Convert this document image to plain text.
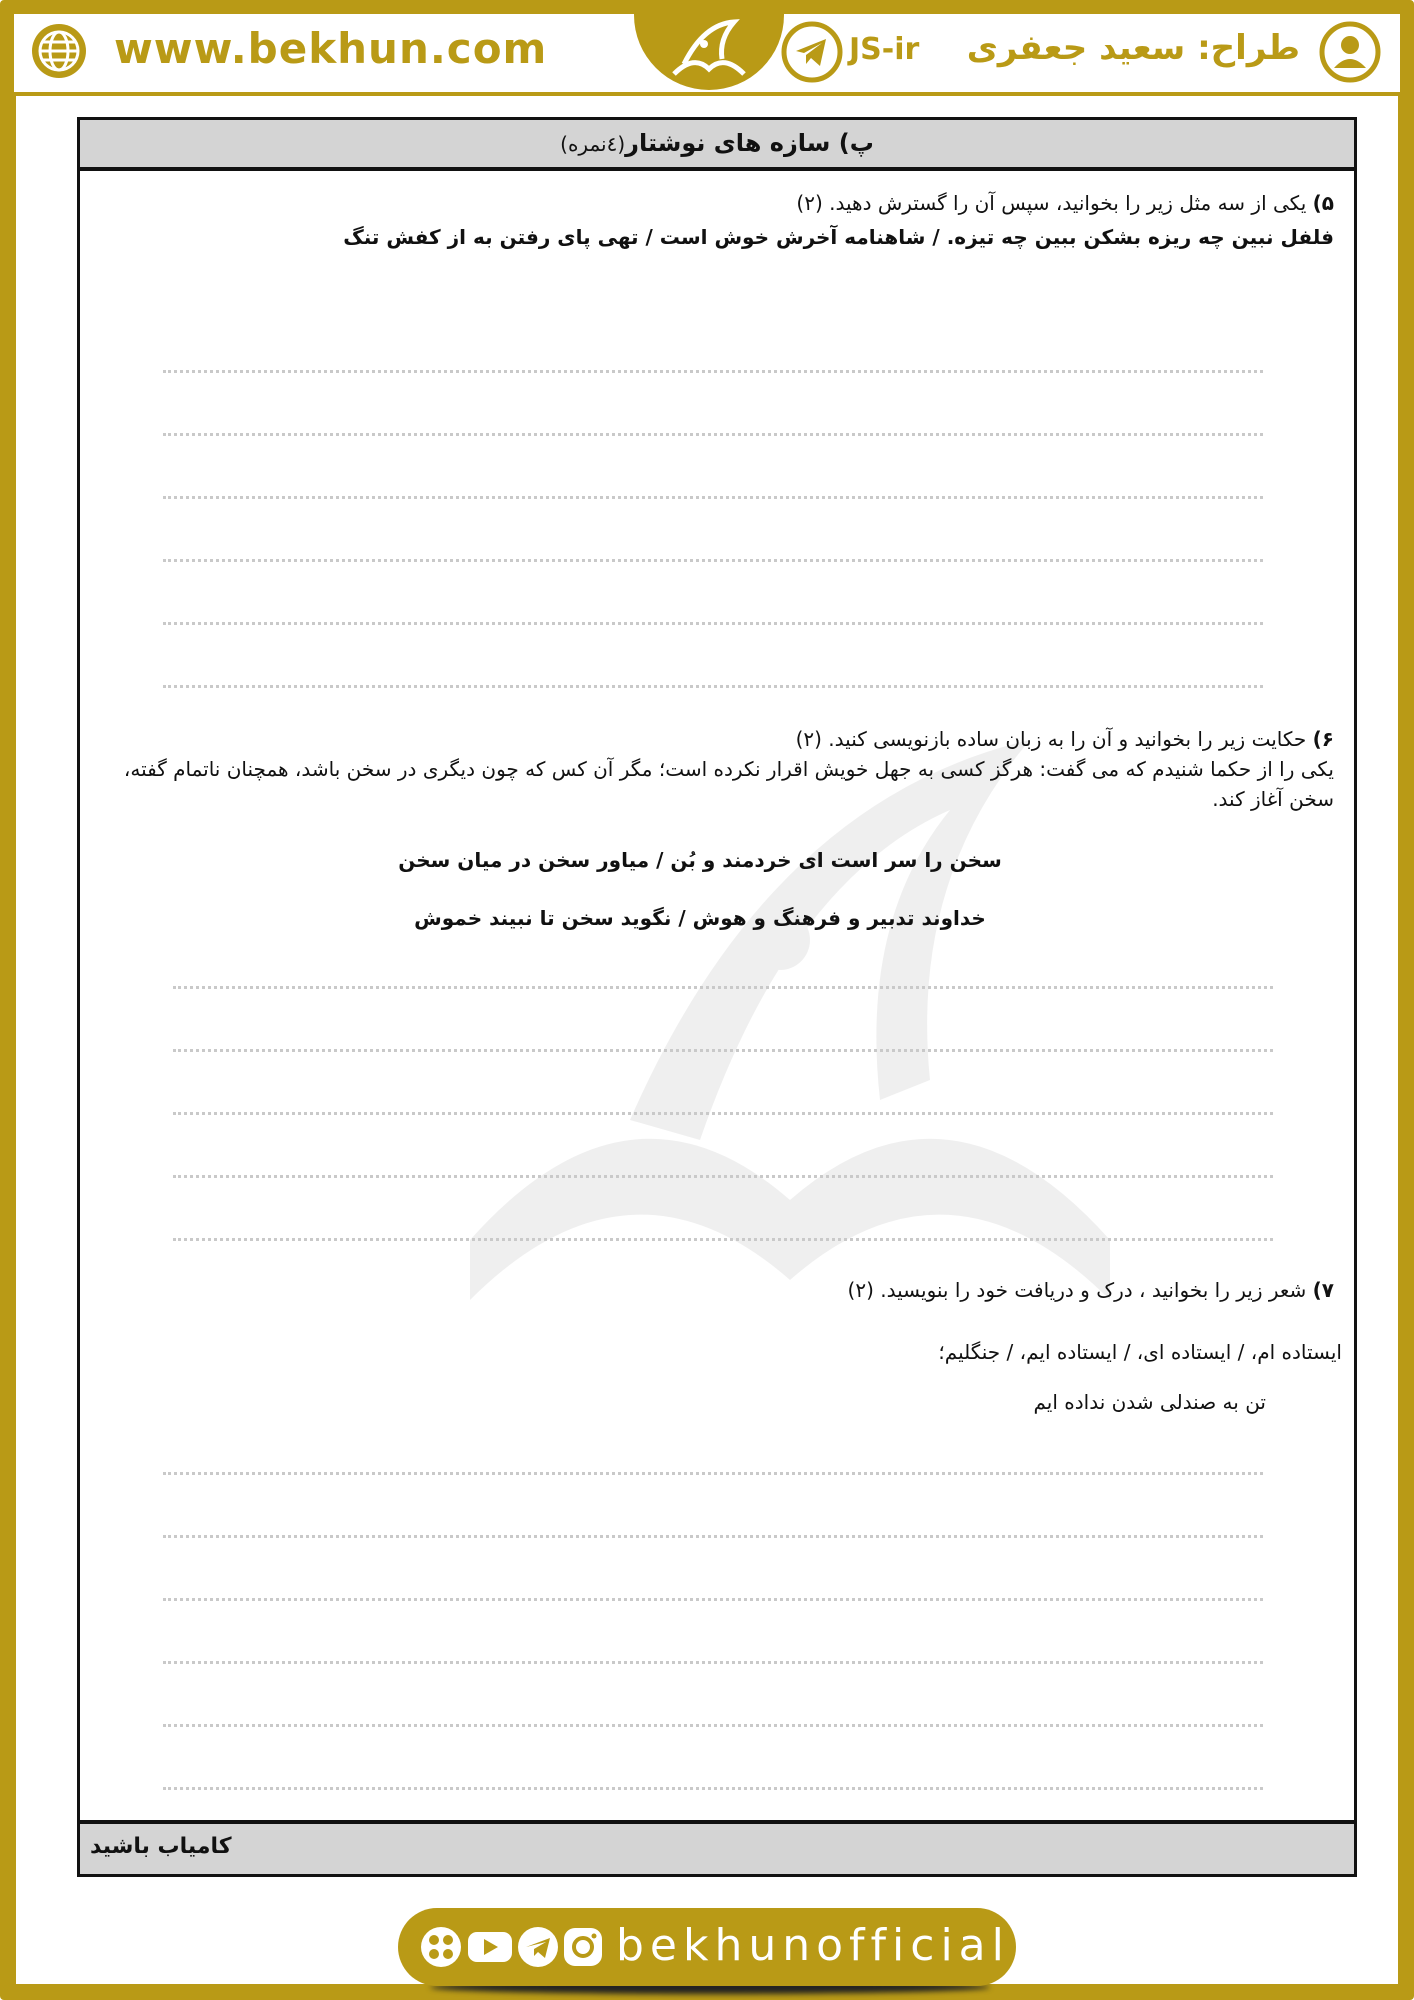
www.bekhun.com	JS-ir طراح: سعید جعفری
پ) سازه های نوشتار(٤نمره)
۵) یکی از سه مثل زیر را بخوانید، سپس آن را گسترش دهید. (۲)
فلفل نبین چه ریزه بشکن ببین چه تیزه. / شاهنامه آخرش خوش است / تهی پای رفتن به از کفش تنگ
۶) حکایت زیر را بخوانید و آن را به زبان ساده بازنویسی کنید. (۲)
یکی را از حکما شنیدم که می گفت: هرگز کسی به جهل خویش اقرار نکرده است؛ مگر آن کس که چون دیگری در سخن باشد، همچنان ناتمام گفته، سخن آغاز کند.
سخن را سر است ای خردمند و بُن / میاور سخن در میان سخن
خداوند تدبیر و فرهنگ و هوش / نگوید سخن تا نبیند خموش
۷) شعر زیر را بخوانید ، درک و دریافت خود را بنویسید. (۲)
ایستاده ام، / ایستاده ای، / ایستاده ایم، / جنگلیم؛
تن به صندلی شدن نداده ایم
کامیاب باشید
bekhunofficial
